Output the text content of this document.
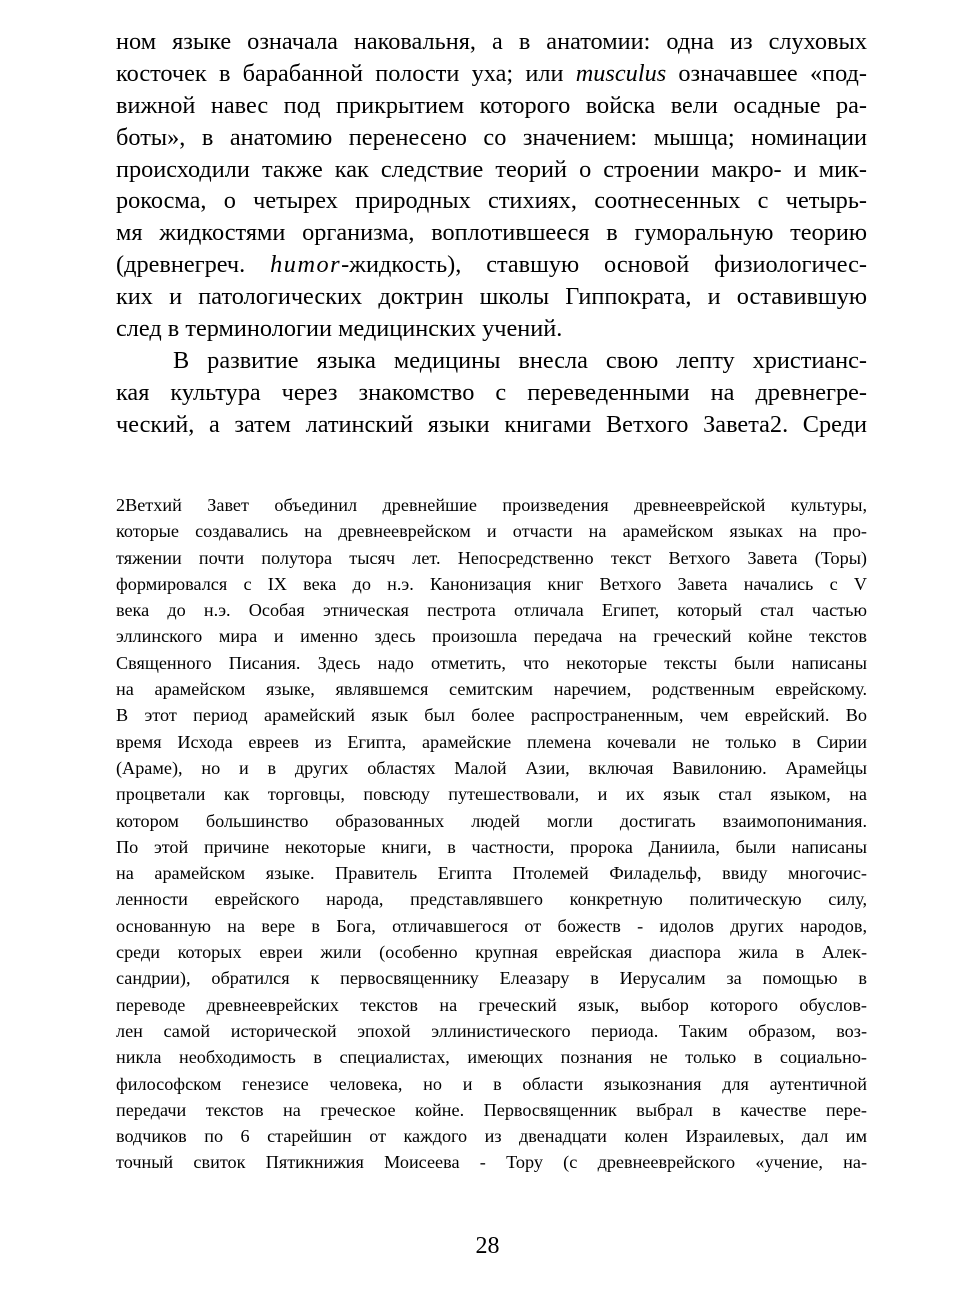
ном языке означала наковальня, а в анатомии: одна из слуховых
косточек в барабанной полости уха; или musculus означавшее «под-
вижной навес под прикрытием которого войска вели осадные ра-
боты», в анатомию перенесено со значением: мышца; номинации
происходили также как следствие теорий о строении макро- и мик-
рокосма, о четырех природных стихиях, соотнесенных с четырь-
мя жидкостями организма, воплотившееся в гуморальную теорию
(древнегреч. humor-жидкость), ставшую основой физиологичес-
ких и патологических доктрин школы Гиппократа, и оставившую
след в терминологии медицинских учений.
В развитие языка медицины внесла свою лепту христианс-
кая культура через знакомство с переведенными на древнегре-
ческий, а затем латинский языки книгами Ветхого Завета2. Среди
2Ветхий Завет объединил древнейшие произведения древнееврейской культуры,
которые создавались на древнееврейском и отчасти на арамейском языках на про-
тяжении почти полутора тысяч лет. Непосредственно текст Ветхого Завета (Торы)
формировался с IX века до н.э. Канонизация книг Ветхого Завета начались с V
века до н.э. Особая этническая пестрота отличала Египет, который стал частью
эллинского мира и именно здесь произошла передача на греческий койне текстов
Священного Писания. Здесь надо отметить, что некоторые тексты были написаны
на арамейском языке, являвшемся семитским наречием, родственным еврейскому.
В этот период арамейский язык был более распространенным, чем еврейский. Во
время Исхода евреев из Египта, арамейские племена кочевали не только в Сирии
(Араме), но и в других областях Малой Азии, включая Вавилонию. Арамейцы
процветали как торговцы, повсюду путешествовали, и их язык стал языком, на
котором большинство образованных людей могли достигать взаимопонимания.
По этой причине некоторые книги, в частности, пророка Даниила, были написаны
на арамейском языке. Правитель Египта Птолемей Филадельф, ввиду многочис-
ленности еврейского народа, представлявшего конкретную политическую силу,
основанную на вере в Бога, отличавшегося от божеств - идолов других народов,
среди которых евреи жили (особенно крупная еврейская диаспора жила в Алек-
сандрии), обратился к первосвященнику Елеазару в Иерусалим за помощью в
переводе древнееврейских текстов на греческий язык, выбор которого обуслов-
лен самой исторической эпохой эллинистического периода. Таким образом, воз-
никла необходимость в специалистах, имеющих познания не только в социально-
философском генезисе человека, но и в области языкознания для аутентичной
передачи текстов на греческое койне. Первосвященник выбрал в качестве пере-
водчиков по 6 старейшин от каждого из двенадцати колен Израилевых, дал им
точный свиток Пятикнижия Моисеева - Тору (с древнееврейского «учение, на-
28
